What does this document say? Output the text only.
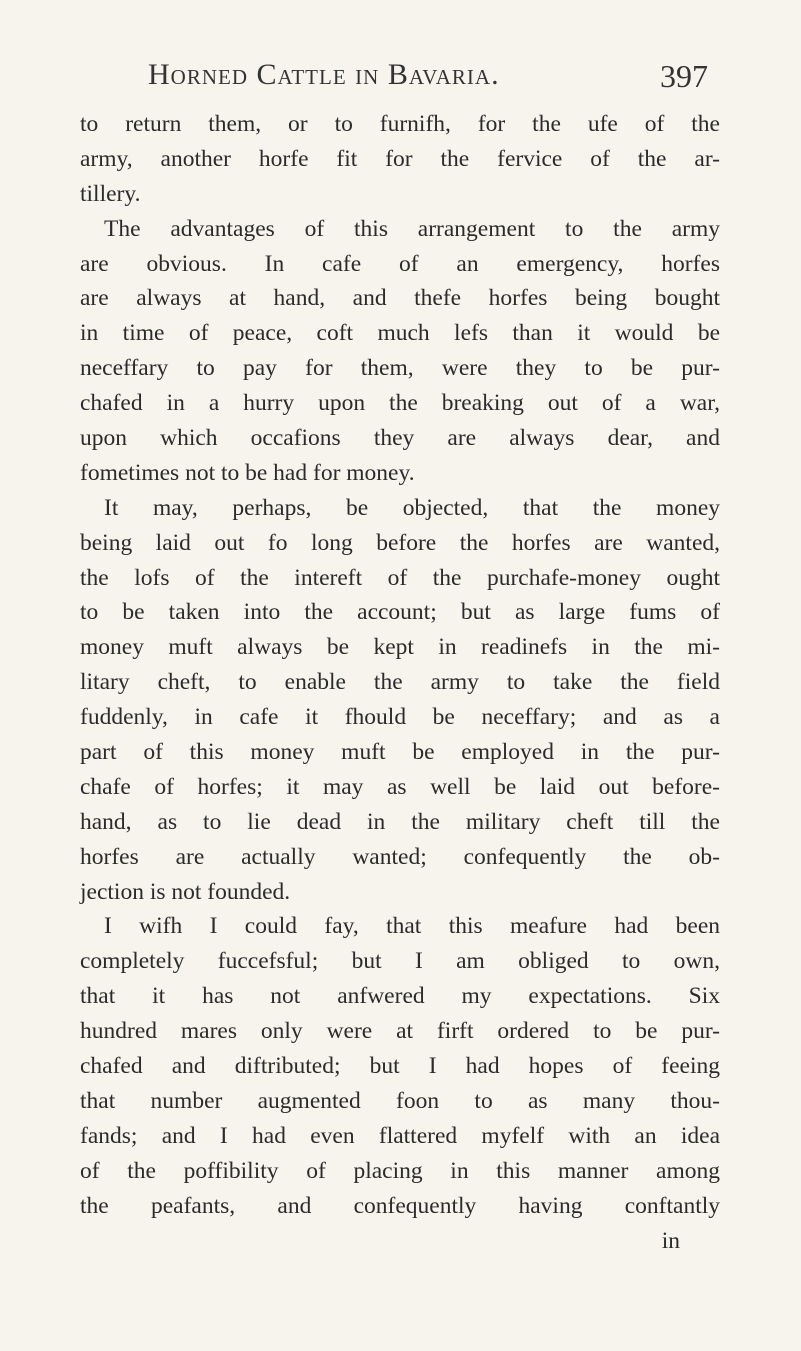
Horned Cattle in Bavaria.	397
to return them, or to furnifh, for the ufe of the
army, another horfe fit for the fervice of the ar-
tillery.
The advantages of this arrangement to the army
are obvious. In cafe of an emergency, horfes
are always at hand, and thefe horfes being bought
in time of peace, coft much lefs than it would be
neceffary to pay for them, were they to be pur-
chafed in a hurry upon the breaking out of a war,
upon which occafions they are always dear, and
fometimes not to be had for money.
It may, perhaps, be objected, that the money
being laid out fo long before the horfes are wanted,
the lofs of the intereft of the purchafe-money ought
to be taken into the account; but as large fums of
money muft always be kept in readinefs in the mi-
litary cheft, to enable the army to take the field
fuddenly, in cafe it fhould be neceffary; and as a
part of this money muft be employed in the pur-
chafe of horfes; it may as well be laid out before-
hand, as to lie dead in the military cheft till the
horfes are actually wanted; confequently the ob-
jection is not founded.
I wifh I could fay, that this meafure had been
completely fuccefsful; but I am obliged to own,
that it has not anfwered my expectations. Six
hundred mares only were at firft ordered to be pur-
chafed and diftributed; but I had hopes of feeing
that number augmented foon to as many thou-
fands; and I had even flattered myfelf with an idea
of the poffibility of placing in this manner among
the peafants, and confequently having conftantly
in
